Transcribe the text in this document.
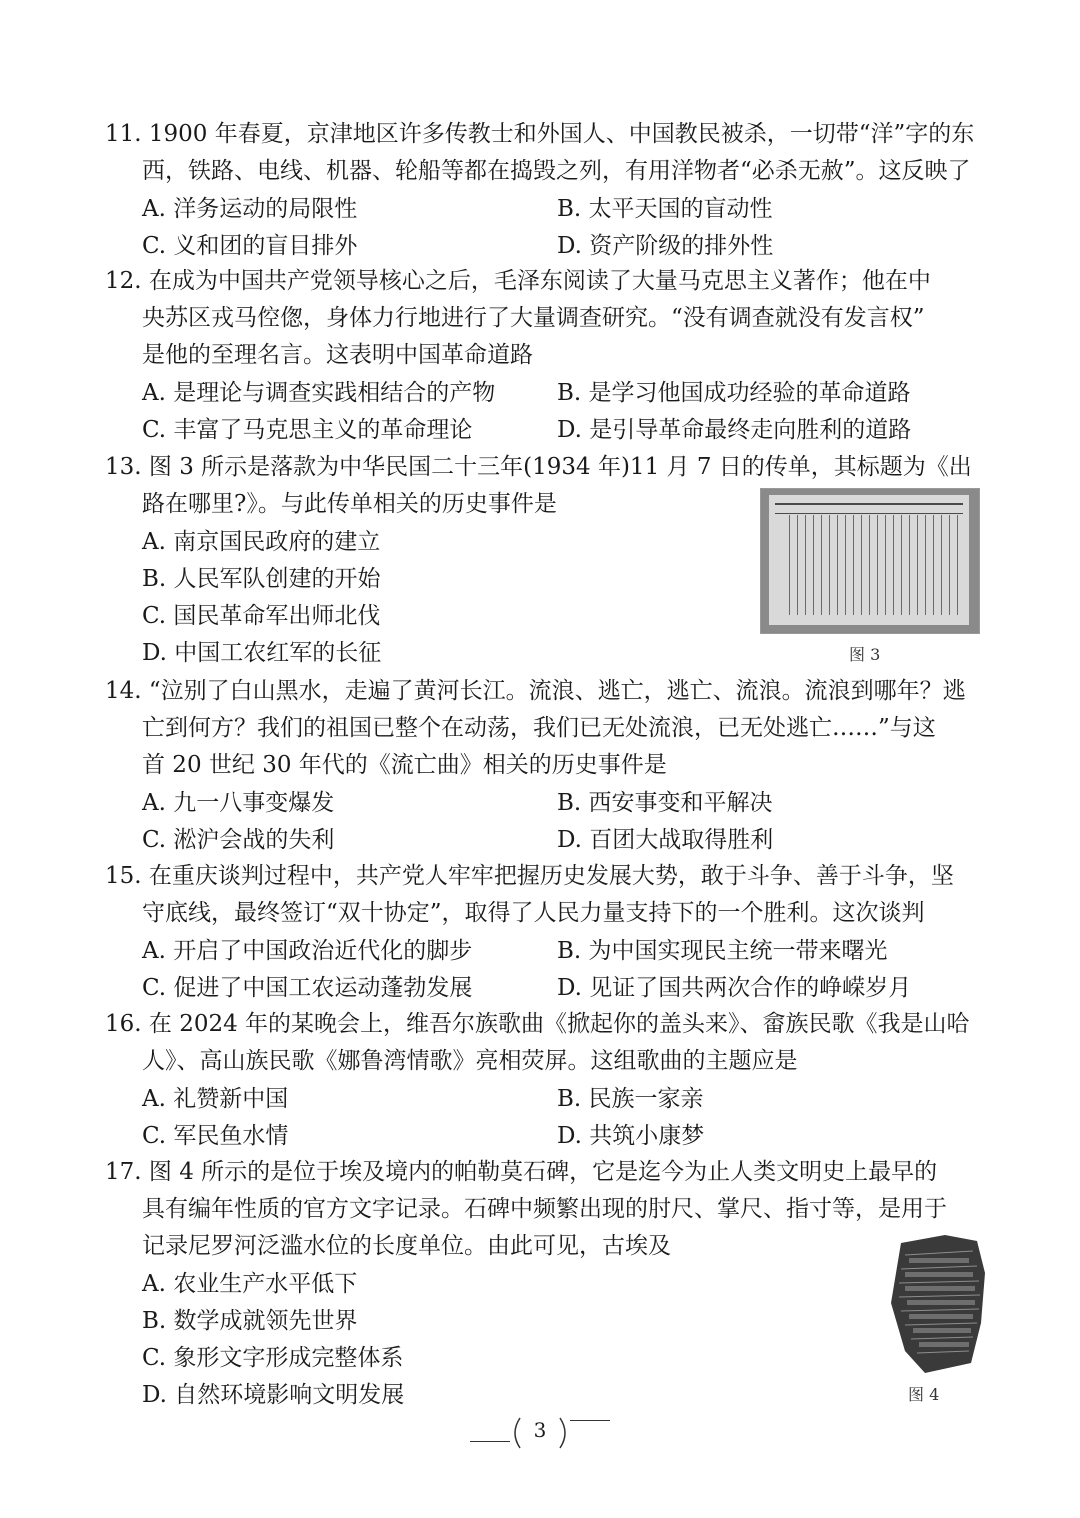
11. 1900 年春夏，京津地区许多传教士和外国人、中国教民被杀，一切带“洋”字的东
西，铁路、电线、机器、轮船等都在捣毁之列，有用洋物者“必杀无赦”。这反映了
A. 洋务运动的局限性	B. 太平天国的盲动性
C. 义和团的盲目排外	D. 资产阶级的排外性
12. 在成为中国共产党领导核心之后，毛泽东阅读了大量马克思主义著作；他在中
央苏区戎马倥偬，身体力行地进行了大量调查研究。“没有调查就没有发言权”
是他的至理名言。这表明中国革命道路
A. 是理论与调查实践相结合的产物	B. 是学习他国成功经验的革命道路
C. 丰富了马克思主义的革命理论	D. 是引导革命最终走向胜利的道路
13. 图 3 所示是落款为中华民国二十三年(1934 年)11 月 7 日的传单，其标题为《出
路在哪里?》。与此传单相关的历史事件是
A. 南京国民政府的建立
B. 人民军队创建的开始
C. 国民革命军出师北伐
D. 中国工农红军的长征	图 3
14. “泣别了白山黑水，走遍了黄河长江。流浪、逃亡，逃亡、流浪。流浪到哪年？逃
亡到何方？我们的祖国已整个在动荡，我们已无处流浪，已无处逃亡……”与这
首 20 世纪 30 年代的《流亡曲》相关的历史事件是
A. 九一八事变爆发	B. 西安事变和平解决
C. 淞沪会战的失利	D. 百团大战取得胜利
15. 在重庆谈判过程中，共产党人牢牢把握历史发展大势，敢于斗争、善于斗争，坚
守底线，最终签订“双十协定”，取得了人民力量支持下的一个胜利。这次谈判
A. 开启了中国政治近代化的脚步	B. 为中国实现民主统一带来曙光
C. 促进了中国工农运动蓬勃发展	D. 见证了国共两次合作的峥嵘岁月
16. 在 2024 年的某晚会上，维吾尔族歌曲《掀起你的盖头来》、畲族民歌《我是山哈
人》、高山族民歌《娜鲁湾情歌》亮相荧屏。这组歌曲的主题应是
A. 礼赞新中国	B. 民族一家亲
C. 军民鱼水情	D. 共筑小康梦
17. 图 4 所示的是位于埃及境内的帕勒莫石碑，它是迄今为止人类文明史上最早的
具有编年性质的官方文字记录。石碑中频繁出现的肘尺、掌尺、指寸等，是用于
记录尼罗河泛滥水位的长度单位。由此可见，古埃及
A. 农业生产水平低下
B. 数学成就领先世界
C. 象形文字形成完整体系
D. 自然环境影响文明发展	图 4
3
